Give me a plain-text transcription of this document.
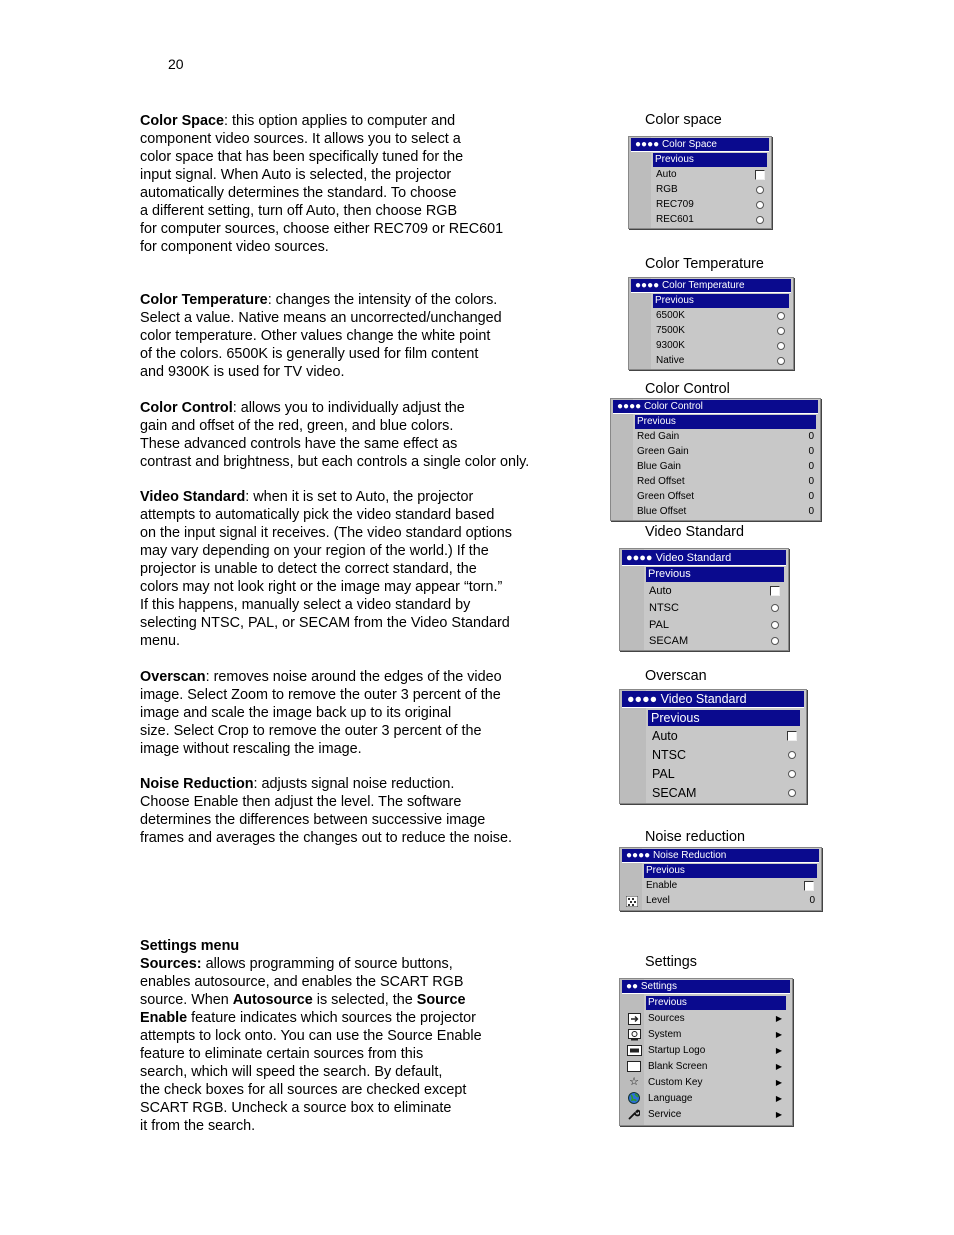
20
Color Space: this option applies to computer and
component video sources. It allows you to select a
color space that has been specifically tuned for the
input signal. When Auto is selected, the projector
automatically determines the standard. To choose
a different setting, turn off Auto, then choose RGB
for computer sources, choose either REC709 or REC601
for component video sources.
Color Temperature: changes the intensity of the colors.
Select a value. Native means an uncorrected/unchanged
color temperature. Other values change the white point
of the colors. 6500K is generally used for film content
and 9300K is used for TV video.
Color Control: allows you to individually adjust the
gain and offset of the red, green, and blue colors.
These advanced controls have the same effect as
contrast and brightness, but each controls a single color only.
Video Standard: when it is set to Auto, the projector
attempts to automatically pick the video standard based
on the input signal it receives. (The video standard options
may vary depending on your region of the world.) If the
projector is unable to detect the correct standard, the
colors may not look right or the image may appear “torn.”
If this happens, manually select a video standard by
selecting NTSC, PAL, or SECAM from the Video Standard
menu.
Overscan: removes noise around the edges of the video
image. Select Zoom to remove the outer 3 percent of the
image and scale the image back up to its original
size. Select Crop to remove the outer 3 percent of the
image without rescaling the image.
Noise Reduction: adjusts signal noise reduction.
Choose Enable then adjust the level. The software
determines the differences between successive image
frames and averages the changes out to reduce the noise.
Settings menu
Sources: allows programming of source buttons,
enables autosource, and enables the SCART RGB
source. When Autosource is selected, the Source
Enable feature indicates which sources the projector
attempts to lock onto. You can use the Source Enable
feature to eliminate certain sources from this
search, which will speed the search. By default,
the check boxes for all sources are checked except
SCART RGB. Uncheck a source box to eliminate
it from the search.
Color space
Color Temperature
Color Control
Video Standard
Overscan
Noise reduction
Settings
●●●● Color Space
Previous
Auto
RGB
REC709
REC601
●●●● Color Temperature
Previous
6500K
7500K
9300K
Native
●●●● Color Control
Previous
Red Gain	0
Green Gain	0
Blue Gain	0
Red Offset	0
Green Offset	0
Blue Offset	0
●●●● Video Standard
Previous
Auto
NTSC
PAL
SECAM
●●●● Video Standard
Previous
Auto
NTSC
PAL
SECAM
●●●● Noise Reduction
Previous
Enable
Level	0
●● Settings
Previous
Sources	▶
System	▶
Startup Logo	▶
Blank Screen	▶
☆ Custom Key	▶
Language	▶
Service	▶
